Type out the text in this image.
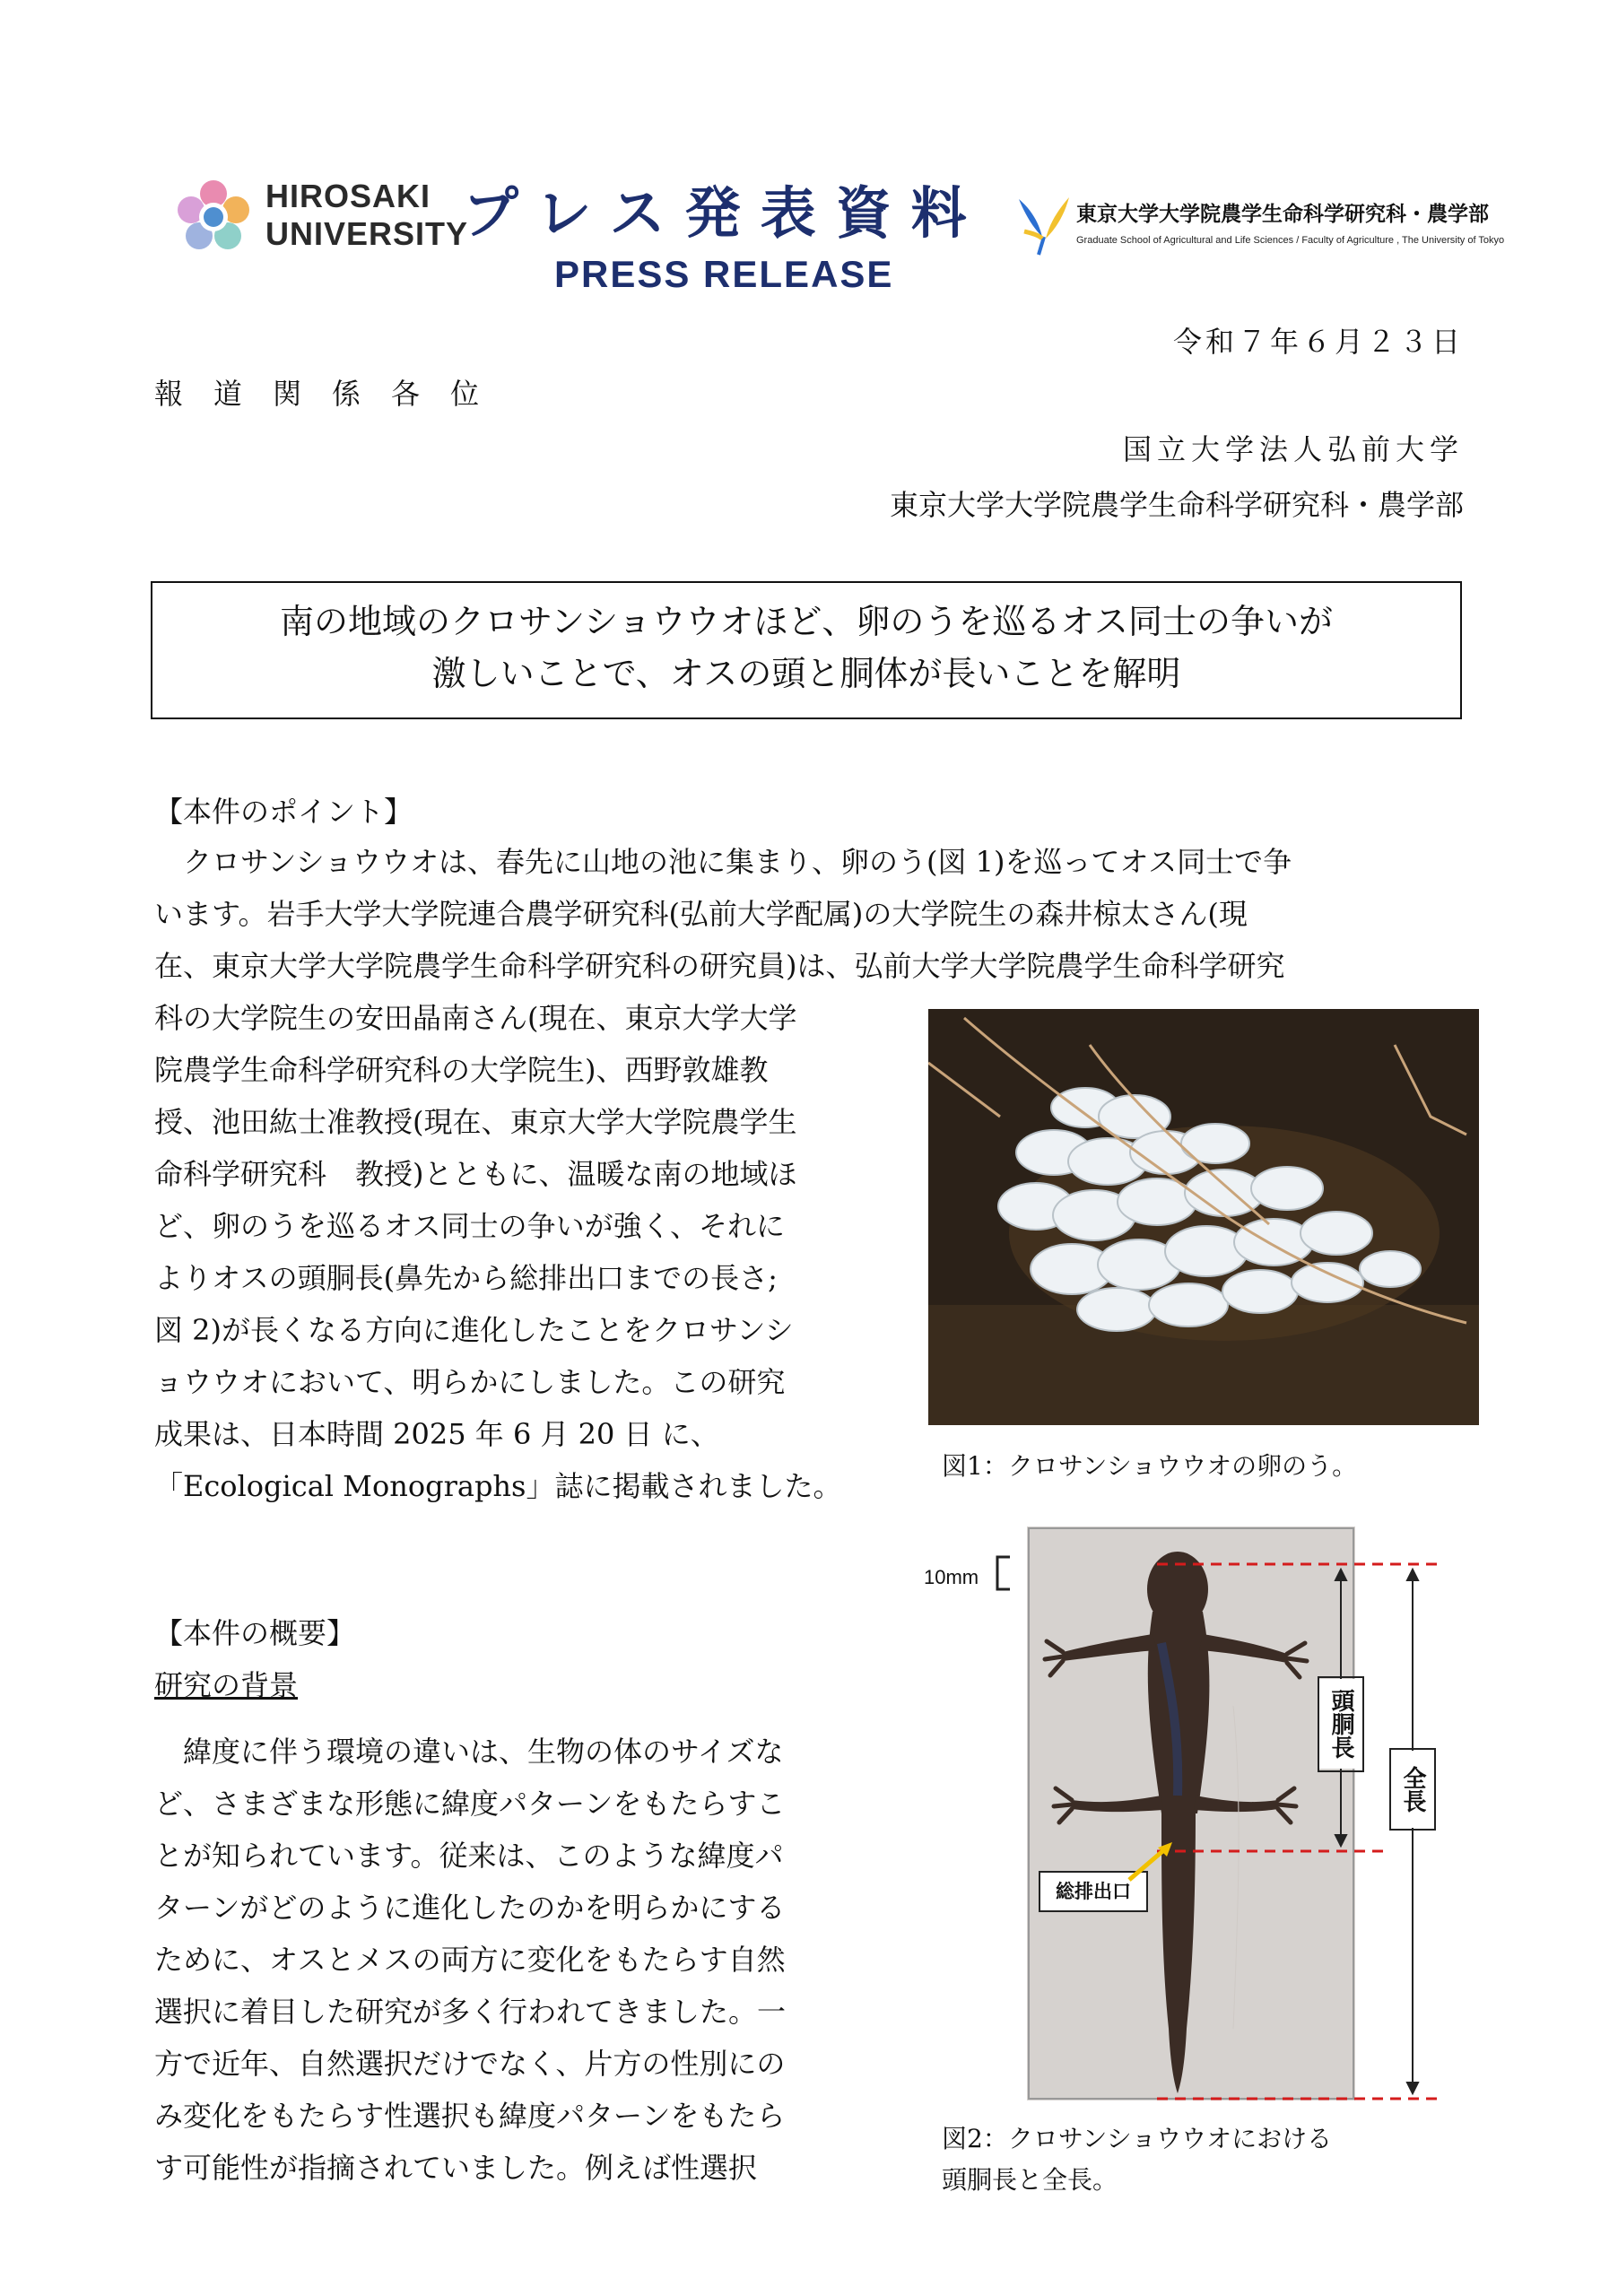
HIROSAKI
UNIVERSITY
プレス発表資料
PRESS RELEASE
東京大学大学院農学生命科学研究科・農学部
Graduate School of Agricultural and Life Sciences / Faculty of Agriculture , The University of Tokyo
令和７年６月２３日
報道関係各位
国立大学法人弘前大学
東京大学大学院農学生命科学研究科・農学部
南の地域のクロサンショウウオほど、卵のうを巡るオス同士の争いが
激しいことで、オスの頭と胴体が長いことを解明
【本件のポイント】
　クロサンショウウオは、春先に山地の池に集まり、卵のう(図 1)を巡ってオス同士で争
います。岩手大学大学院連合農学研究科(弘前大学配属)の大学院生の森井椋太さん(現
在、東京大学大学院農学生命科学研究科の研究員)は、弘前大学大学院農学生命科学研究
科の大学院生の安田晶南さん(現在、東京大学大学
院農学生命科学研究科の大学院生)、西野敦雄教
授、池田紘士准教授(現在、東京大学大学院農学生
命科学研究科　教授)とともに、温暖な南の地域ほ
ど、卵のうを巡るオス同士の争いが強く、それに
よりオスの頭胴長(鼻先から総排出口までの長さ;
図 2)が長くなる方向に進化したことをクロサンシ
ョウウオにおいて、明らかにしました。この研究
成果は、日本時間 2025 年 6 月 20 日 に、
「Ecological Monographs」誌に掲載されました。
図1：クロサンショウウオの卵のう。
10mm
頭胴長
全長
総排出口
図2：クロサンショウウオにおける
頭胴長と全長。
【本件の概要】
研究の背景
　緯度に伴う環境の違いは、生物の体のサイズな
ど、さまざまな形態に緯度パターンをもたらすこ
とが知られています。従来は、このような緯度パ
ターンがどのように進化したのかを明らかにする
ために、オスとメスの両方に変化をもたらす自然
選択に着目した研究が多く行われてきました。一
方で近年、自然選択だけでなく、片方の性別にの
み変化をもたらす性選択も緯度パターンをもたら
す可能性が指摘されていました。例えば性選択
